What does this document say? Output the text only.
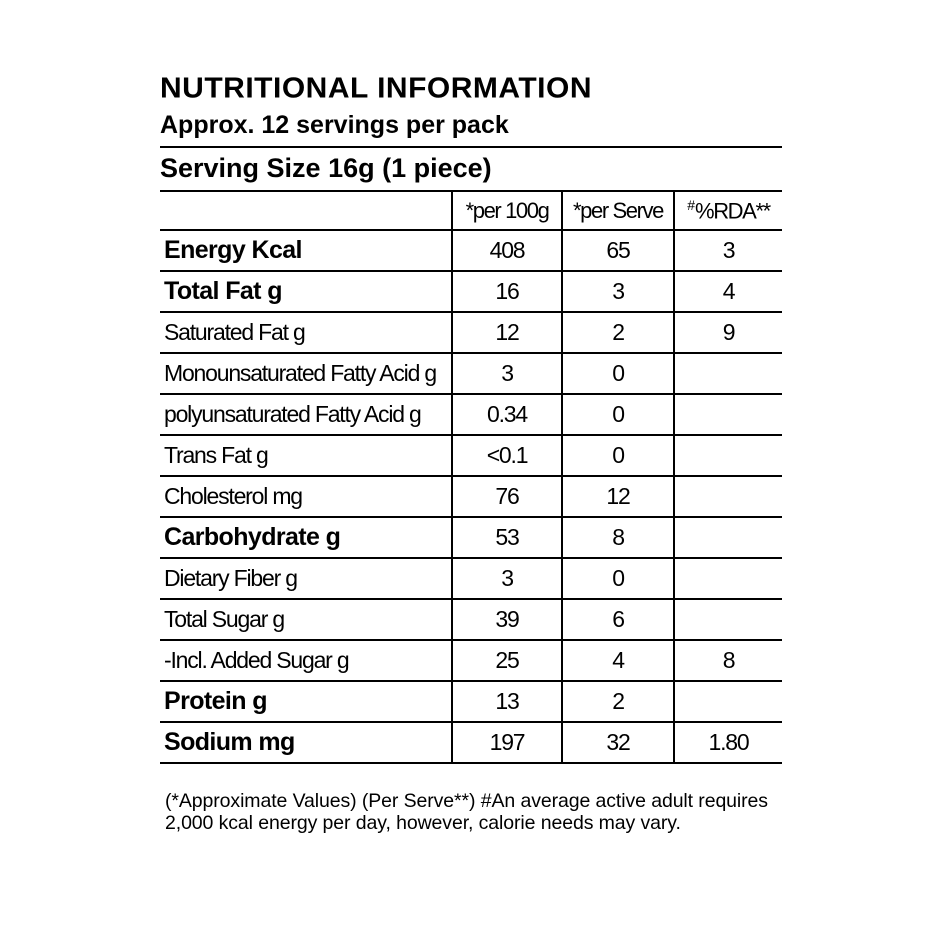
NUTRITIONAL INFORMATION
Approx. 12 servings per pack
Serving Size 16g (1 piece)
	*per 100g	*per Serve	#%RDA**
Energy Kcal	408	65	3
Total Fat g	16	3	4
Saturated Fat g	12	2	9
Monounsaturated Fatty Acid g	3	0	
polyunsaturated Fatty Acid g	0.34	0	
Trans Fat g	<0.1	0	
Cholesterol mg	76	12	
Carbohydrate g	53	8	
Dietary Fiber g	3	0	
Total Sugar g	39	6	
-Incl. Added Sugar g	25	4	8
Protein g	13	2	
Sodium mg	197	32	1.80
(*Approximate Values) (Per Serve**) #An average active adult requires 2,000 kcal energy per day, however, calorie needs may vary.
